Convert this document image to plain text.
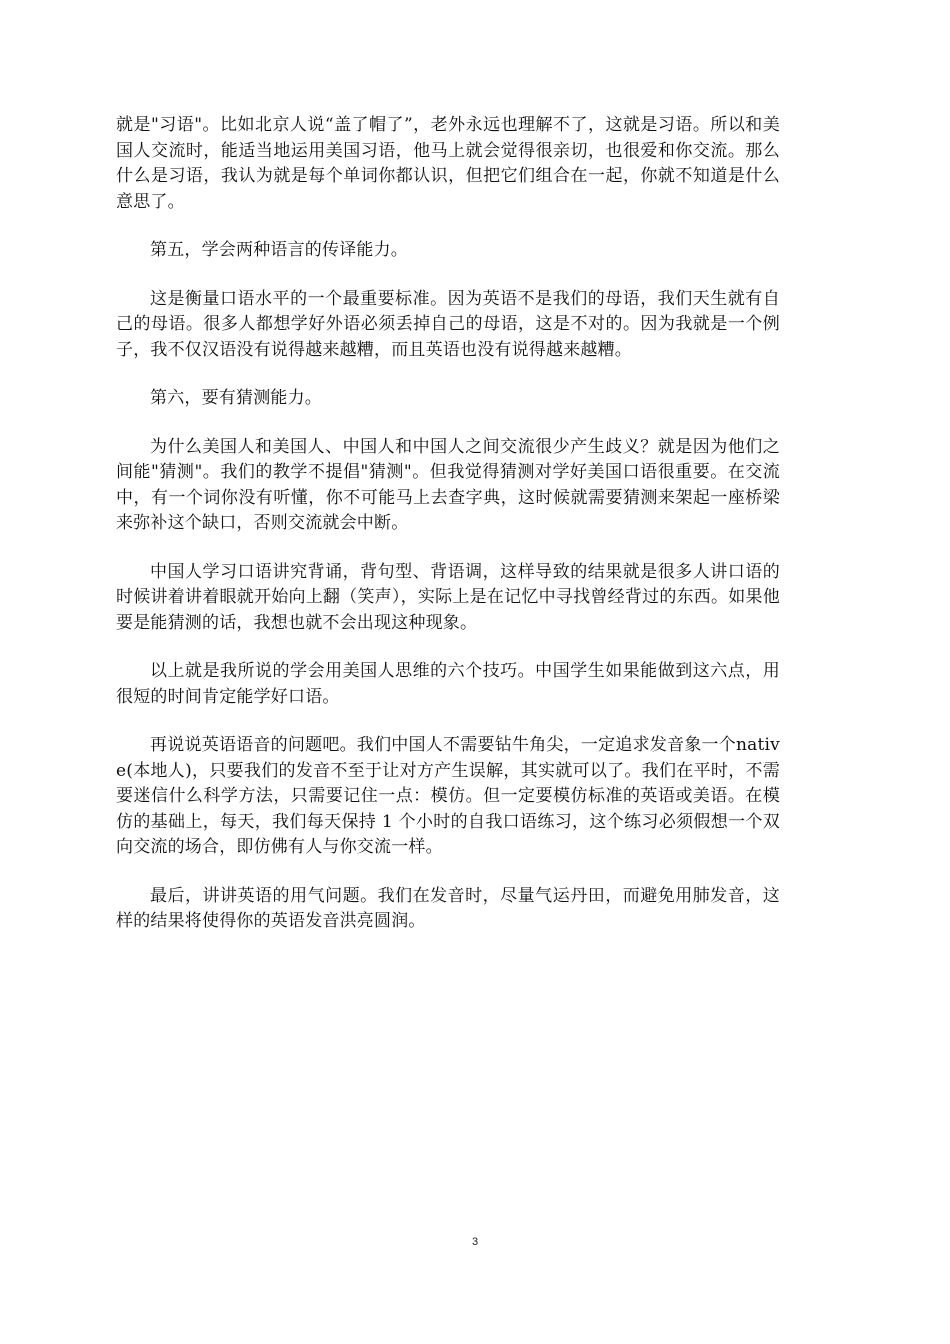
就是"习语"。比如北京人说“盖了帽了”，老外永远也理解不了，这就是习语。所以和美国人交流时，能适当地运用美国习语，他马上就会觉得很亲切，也很爱和你交流。那么什么是习语，我认为就是每个单词你都认识，但把它们组合在一起，你就不知道是什么意思了。

第五，学会两种语言的传译能力。

这是衡量口语水平的一个最重要标准。因为英语不是我们的母语，我们天生就有自己的母语。很多人都想学好外语必须丢掉自己的母语，这是不对的。因为我就是一个例子，我不仅汉语没有说得越来越糟，而且英语也没有说得越来越糟。

第六，要有猜测能力。

为什么美国人和美国人、中国人和中国人之间交流很少产生歧义？就是因为他们之间能"猜测"。我们的教学不提倡"猜测"。但我觉得猜测对学好美国口语很重要。在交流中，有一个词你没有听懂，你不可能马上去查字典，这时候就需要猜测来架起一座桥梁来弥补这个缺口，否则交流就会中断。

中国人学习口语讲究背诵，背句型、背语调，这样导致的结果就是很多人讲口语的时候讲着讲着眼就开始向上翻（笑声），实际上是在记忆中寻找曾经背过的东西。如果他要是能猜测的话，我想也就不会出现这种现象。

以上就是我所说的学会用美国人思维的六个技巧。中国学生如果能做到这六点，用很短的时间肯定能学好口语。

再说说英语语音的问题吧。我们中国人不需要钻牛角尖，一定追求发音象一个native(本地人)，只要我们的发音不至于让对方产生误解，其实就可以了。我们在平时，不需要迷信什么科学方法，只需要记住一点：模仿。但一定要模仿标准的英语或美语。在模仿的基础上，每天，我们每天保持 1 个小时的自我口语练习，这个练习必须假想一个双向交流的场合，即仿佛有人与你交流一样。

最后，讲讲英语的用气问题。我们在发音时，尽量气运丹田，而避免用肺发音，这样的结果将使得你的英语发音洪亮圆润。

3
